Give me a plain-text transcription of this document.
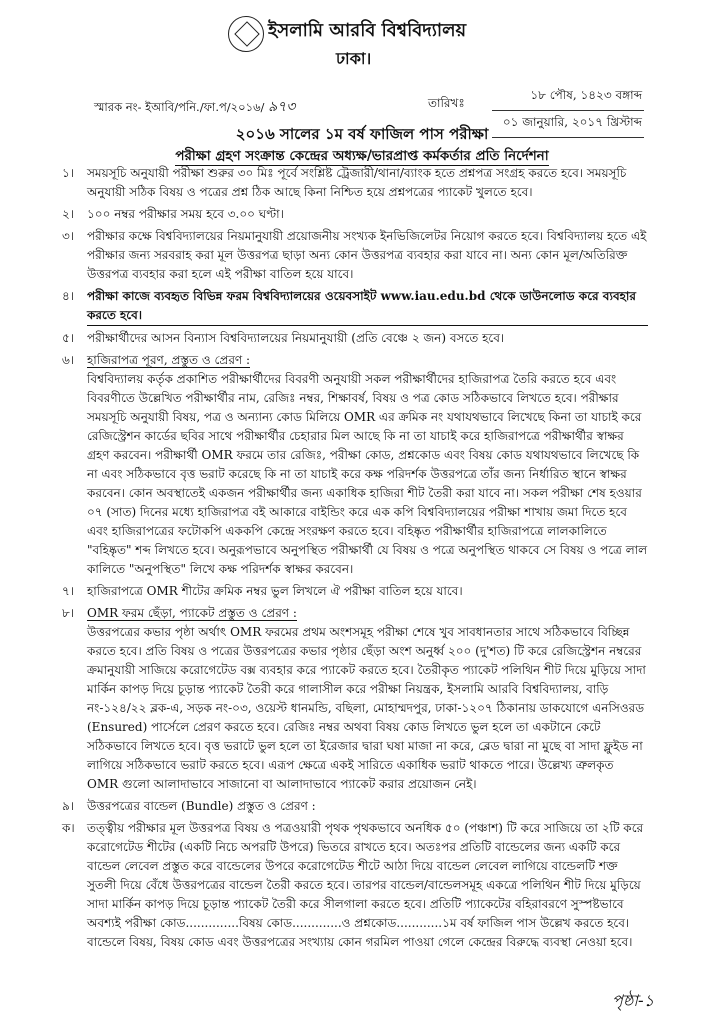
ইসলামি আরবি বিশ্ববিদ্যালয়
ঢাকা।
স্মারক নং- ইআবি/পনি./ফা.প/২০১৬/ ৯৭৩	তারিখঃ
১৮ পৌষ, ১৪২৩ বঙ্গাব্দ
০১ জানুয়ারি, ২০১৭ খ্রিস্টাব্দ
২০১৬ সালের ১ম বর্ষ ফাজিল পাস পরীক্ষা
পরীক্ষা গ্রহণ সংক্রান্ত কেন্দ্রের অধ্যক্ষ/ভারপ্রাপ্ত কর্মকর্তার প্রতি নির্দেশনা
১।	সময়সূচি অনুযায়ী পরীক্ষা শুরুর ৩০ মিঃ পূর্বে সংশ্লিষ্ট ট্রেজারী/থানা/ব্যাংক হতে প্রশ্নপত্র সংগ্রহ করতে হবে। সময়সূচি অনুযায়ী সঠিক বিষয় ও পত্রের প্রশ্ন ঠিক আছে কিনা নিশ্চিত হয়ে প্রশ্নপত্রের প্যাকেট খুলতে হবে।

২।	১০০ নম্বর পরীক্ষার সময় হবে ৩.০০ ঘণ্টা।

৩।	পরীক্ষার কক্ষে বিশ্ববিদ্যালয়ের নিয়মানুযায়ী প্রয়োজনীয় সংখ্যক ইনভিজিলেটর নিয়োগ করতে হবে। বিশ্ববিদ্যালয় হতে এই পরীক্ষার জন্য সরবরাহ করা মূল উত্তরপত্র ছাড়া অন্য কোন উত্তরপত্র ব্যবহার করা যাবে না। অন্য কোন মূল/অতিরিক্ত উত্তরপত্র ব্যবহার করা হলে এই পরীক্ষা বাতিল হয়ে যাবে।

৪।	পরীক্ষা কাজে ব্যবহৃত বিভিন্ন ফরম বিশ্ববিদ্যালয়ের ওয়েবসাইট www.iau.edu.bd থেকে ডাউনলোড করে ব্যবহার করতে হবে।

৫।	পরীক্ষার্থীদের আসন বিন্যাস বিশ্ববিদ্যালয়ের নিয়মানুযায়ী (প্রতি বেঞ্চে ২ জন) বসতে হবে।

৬।	হাজিরাপত্র পূরণ, প্রস্তুত ও প্রেরণ :

বিশ্ববিদ্যালয় কর্তৃক প্রকাশিত পরীক্ষার্থীদের বিবরণী অনুযায়ী সকল পরীক্ষার্থীদের হাজিরাপত্র তৈরি করতে হবে এবং বিবরণীতে উল্লেখিত পরীক্ষার্থীর নাম, রেজিঃ নম্বর, শিক্ষাবর্ষ, বিষয় ও পত্র কোড সঠিকভাবে লিখতে হবে। পরীক্ষার সময়সূচি অনুযায়ী বিষয়, পত্র ও অন্যান্য কোড মিলিয়ে OMR এর ক্রমিক নং যথাযথভাবে লিখেছে কিনা তা যাচাই করে রেজিস্ট্রেশন কার্ডের ছবির সাথে পরীক্ষার্থীর চেহারার মিল আছে কি না তা যাচাই করে হাজিরাপত্রে পরীক্ষার্থীর স্বাক্ষর গ্রহণ করবেন। পরীক্ষার্থী OMR ফরমে তার রেজিঃ, পরীক্ষা কোড, প্রশ্নকোড এবং বিষয় কোড যথাযথভাবে লিখেছে কি না এবং সঠিকভাবে বৃত্ত ভরাট করেছে কি না তা যাচাই করে কক্ষ পরিদর্শক উত্তরপত্রে তাঁর জন্য নির্ধারিত স্থানে স্বাক্ষর করবেন। কোন অবস্থাতেই একজন পরীক্ষার্থীর জন্য একাধিক হাজিরা শীট তৈরী করা যাবে না। সকল পরীক্ষা শেষ হওয়ার ০৭ (সাত) দিনের মধ্যে হাজিরাপত্র বই আকারে বাইন্ডিং করে এক কপি বিশ্ববিদ্যালয়ের পরীক্ষা শাখায় জমা দিতে হবে এবং হাজিরাপত্রের ফটোকপি এককপি কেন্দ্রে সংরক্ষণ করতে হবে। বহিষ্কৃত পরীক্ষার্থীর হাজিরাপত্রে লালকালিতে "বহিষ্কৃত" শব্দ লিখতে হবে। অনুরূপভাবে অনুপস্থিত পরীক্ষার্থী যে বিষয় ও পত্রে অনুপস্থিত থাকবে সে বিষয় ও পত্রে লাল কালিতে "অনুপস্থিত" লিখে কক্ষ পরিদর্শক স্বাক্ষর করবেন।

৭।	হাজিরাপত্রে OMR শীটের ক্রমিক নম্বর ভুল লিখলে ঐ পরীক্ষা বাতিল হয়ে যাবে।

৮।	OMR ফরম ছেঁড়া, প্যাকেট প্রস্তুত ও প্রেরণ :

উত্তরপত্রের কভার পৃষ্ঠা অর্থাৎ OMR ফরমের প্রথম অংশসমূহ পরীক্ষা শেষে খুব সাবধানতার সাথে সঠিকভাবে বিচ্ছিন্ন করতে হবে। প্রতি বিষয় ও পত্রের উত্তরপত্রের কভার পৃষ্ঠার ছেঁড়া অংশ অনুর্ধ্ব ২০০ (দু'শত) টি করে রেজিস্ট্রেশন নম্বরের ক্রমানুযায়ী সাজিয়ে করোগেটেড বক্স ব্যবহার করে প্যাকেট করতে হবে। তৈরীকৃত প্যাকেট পলিথিন শীট দিয়ে মুড়িয়ে সাদা মার্কিন কাপড় দিয়ে চূড়ান্ত প্যাকেট তৈরী করে গালাসীল করে পরীক্ষা নিয়ন্ত্রক, ইসলামি আরবি বিশ্ববিদ্যালয়, বাড়ি নং-১২৪/২২ ব্লক-এ, সড়ক নং-০৩, ওয়েস্ট ধানমন্ডি, বছিলা, মোহাম্মদপুর, ঢাকা-১২০৭ ঠিকানায় ডাকযোগে এনসিওরড (Ensured) পার্সেলে প্রেরণ করতে হবে। রেজিঃ নম্বর অথবা বিষয় কোড লিখতে ভুল হলে তা একটানে কেটে সঠিকভাবে লিখতে হবে। বৃত্ত ভরাটে ভুল হলে তা ইরেজার দ্বারা ঘষা মাজা না করে, ব্লেড দ্বারা না মুছে বা সাদা ফ্লুইড না লাগিয়ে সঠিকভাবে ভরাট করতে হবে। এরূপ ক্ষেত্রে একই সারিতে একাধিক ভরাট থাকতে পারে। উল্লেখ্য ত্রুলকৃত OMR গুলো আলাদাভাবে সাজানো বা আলাদাভাবে প্যাকেট করার প্রয়োজন নেই।

৯।	উত্তরপত্রের বান্ডেল (Bundle) প্রস্তুত ও প্রেরণ :

ক।	তত্ত্বীয় পরীক্ষার মূল উত্তরপত্র বিষয় ও পত্রওয়ারী পৃথক পৃথকভাবে অনধিক ৫০ (পঞ্চাশ) টি করে সাজিয়ে তা ২টি করে করোগেটেড শীটের (একটি নিচে অপরটি উপরে) ভিতরে রাখতে হবে। অতঃপর প্রতিটি বান্ডেলের জন্য একটি করে বান্ডেল লেবেল প্রস্তুত করে বান্ডেলের উপরে করোগেটেড শীটে আঠা দিয়ে বান্ডেল লেবেল লাগিয়ে বান্ডেলটি শক্ত সুতলী দিয়ে বেঁধে উত্তরপত্রের বান্ডেল তৈরী করতে হবে। তারপর বান্ডেল/বান্ডেলসমূহ একত্রে পলিথিন শীট দিয়ে মুড়িয়ে সাদা মার্কিন কাপড় দিয়ে চূড়ান্ত প্যাকেট তৈরী করে সীলগালা করতে হবে। প্রতিটি প্যাকেটের বহিরাবরণে সুস্পষ্টভাবে অবশ্যই পরীক্ষা কোড..............বিষয় কোড.............ও প্রশ্নকোড............১ম বর্ষ ফাজিল পাস উল্লেখ করতে হবে। বান্ডেলে বিষয়, বিষয় কোড এবং উত্তরপত্রের সংখ্যায় কোন গরমিল পাওয়া গেলে কেন্দ্রের বিরুদ্ধে ব্যবস্থা নেওয়া হবে।

পৃষ্ঠা-১
